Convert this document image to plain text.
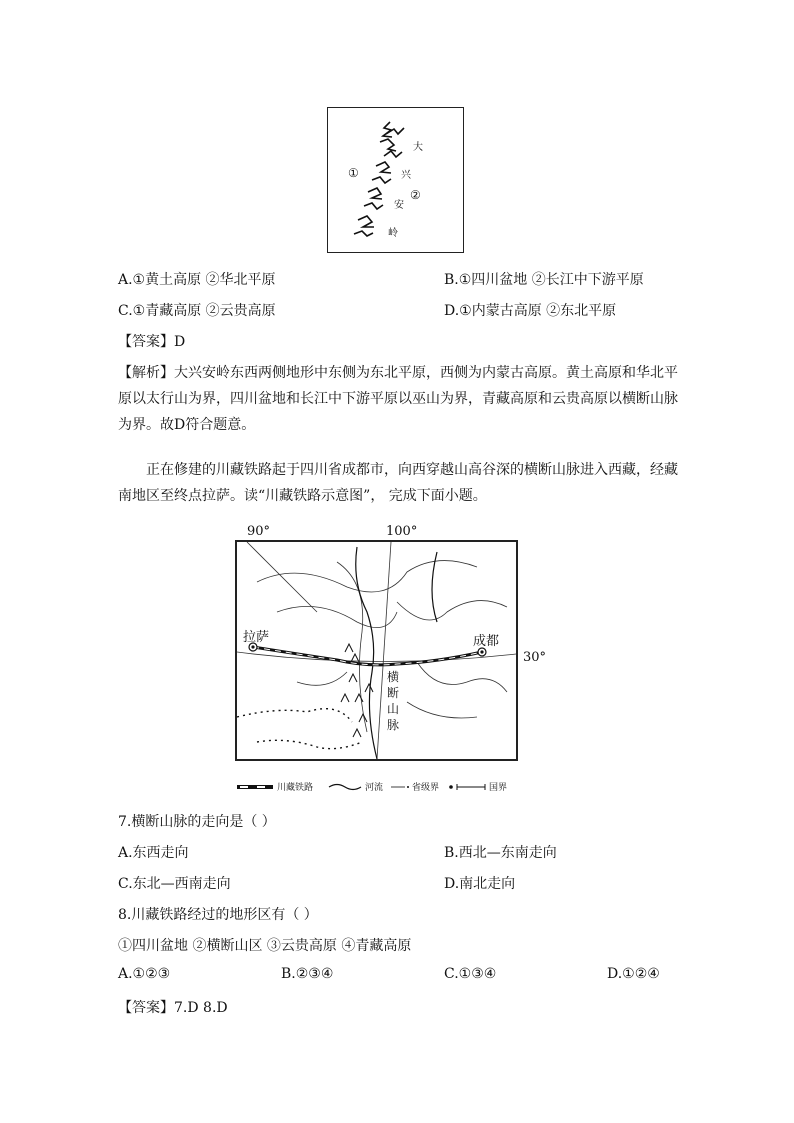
①
②
大
兴
安
岭
A.①黄土高原 ②华北平原	B.①四川盆地 ②长江中下游平原
C.①青藏高原 ②云贵高原	D.①内蒙古高原 ②东北平原
【答案】D
【解析】大兴安岭东西两侧地形中东侧为东北平原，西侧为内蒙古高原。黄土高原和华北平
原以太行山为界，四川盆地和长江中下游平原以巫山为界，青藏高原和云贵高原以横断山脉
为界。故D符合题意。
正在修建的川藏铁路起于四川省成都市，向西穿越山高谷深的横断山脉进入西藏，经藏
南地区至终点拉萨。读“川藏铁路示意图”， 完成下面小题。
90°	100°
30°
拉萨	成都
横
断
山
脉
川藏铁路	河流	省级界	国界
7.横断山脉的走向是（ ）
A.东西走向	B.西北—东南走向
C.东北—西南走向	D.南北走向
8.川藏铁路经过的地形区有（ ）
①四川盆地 ②横断山区 ③云贵高原 ④青藏高原
A.①②③	B.②③④	C.①③④	D.①②④
【答案】7.D 8.D
